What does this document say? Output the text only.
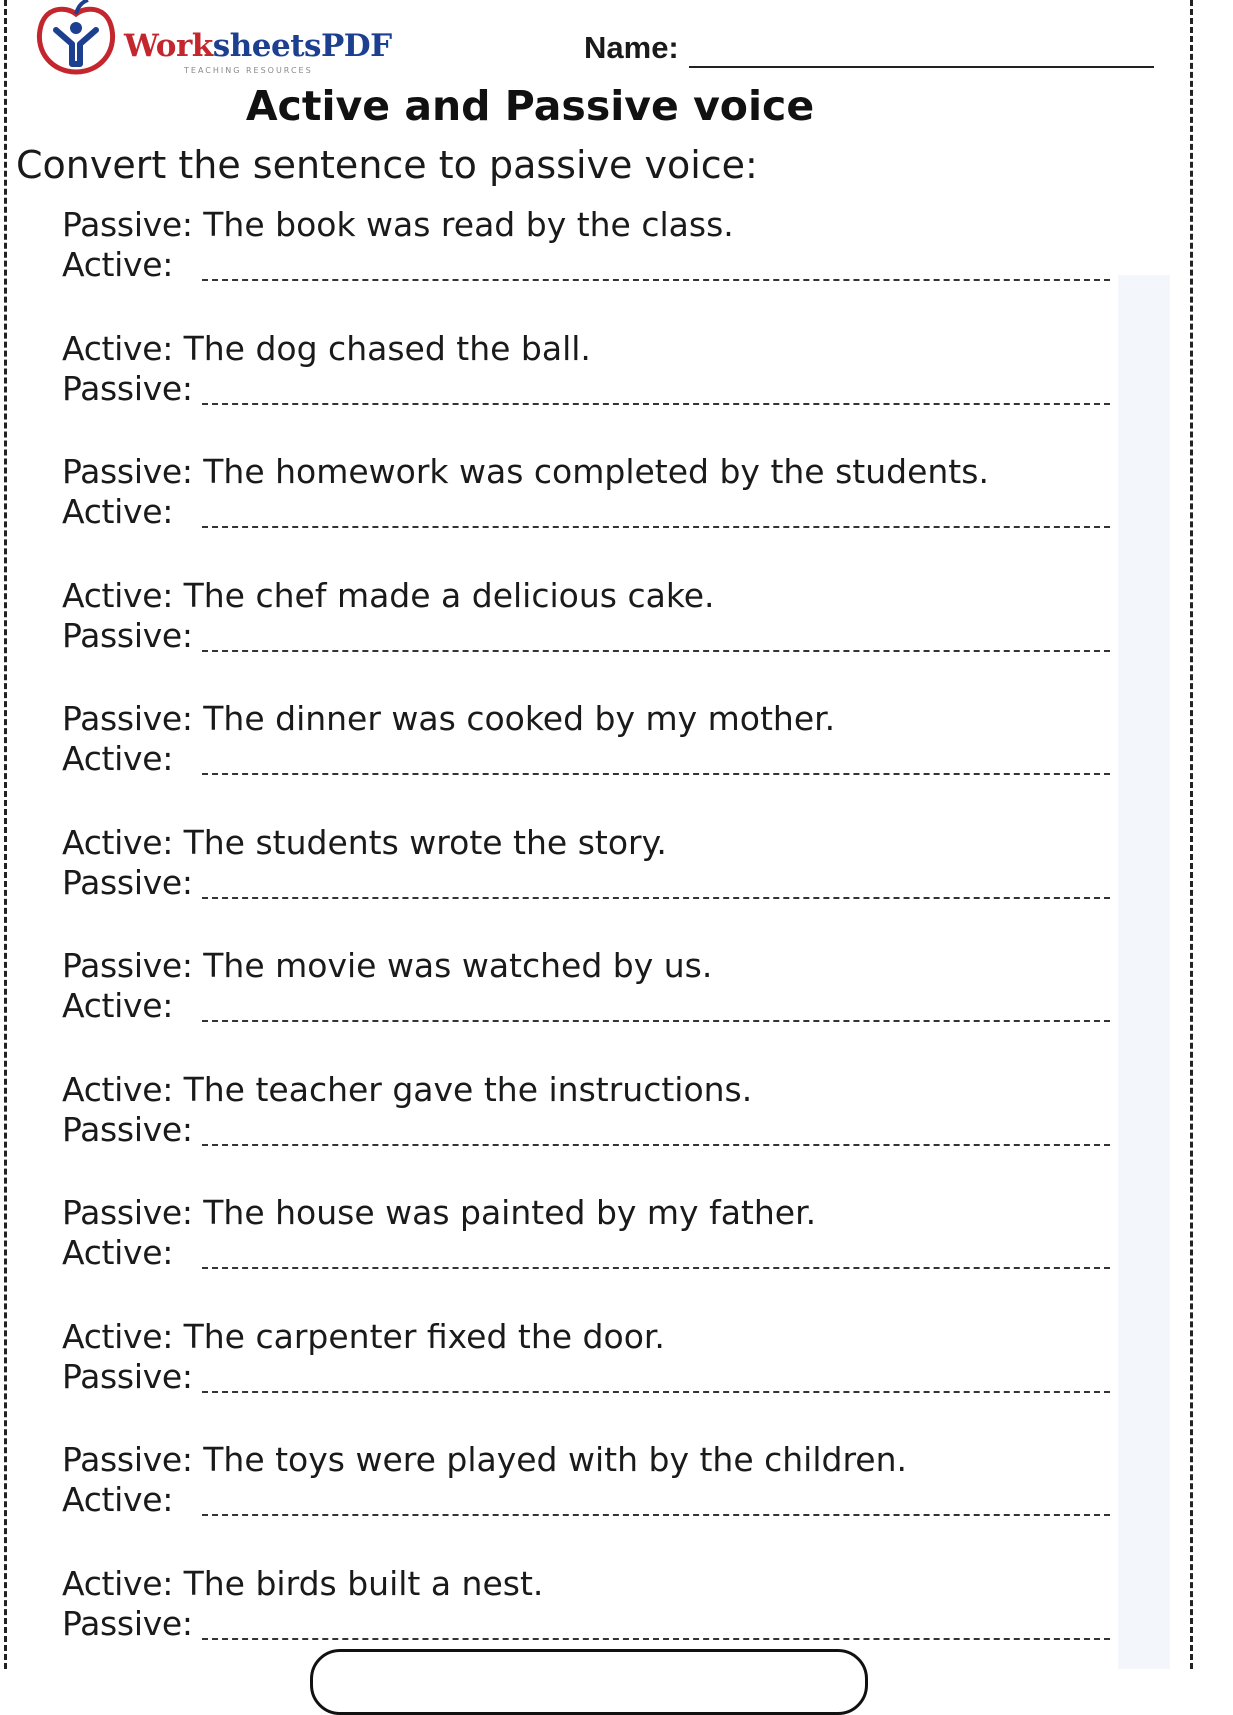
WorksheetsPDF
TEACHING RESOURCES
Name:
Active and Passive voice
Convert the sentence to passive voice:
Passive: The book was read by the class.
Active:
Active: The dog chased the ball.
Passive:
Passive: The homework was completed by the students.
Active:
Active: The chef made a delicious cake.
Passive:
Passive: The dinner was cooked by my mother.
Active:
Active: The students wrote the story.
Passive:
Passive: The movie was watched by us.
Active:
Active: The teacher gave the instructions.
Passive:
Passive: The house was painted by my father.
Active:
Active: The carpenter fixed the door.
Passive:
Passive: The toys were played with by the children.
Active:
Active: The birds built a nest.
Passive:
